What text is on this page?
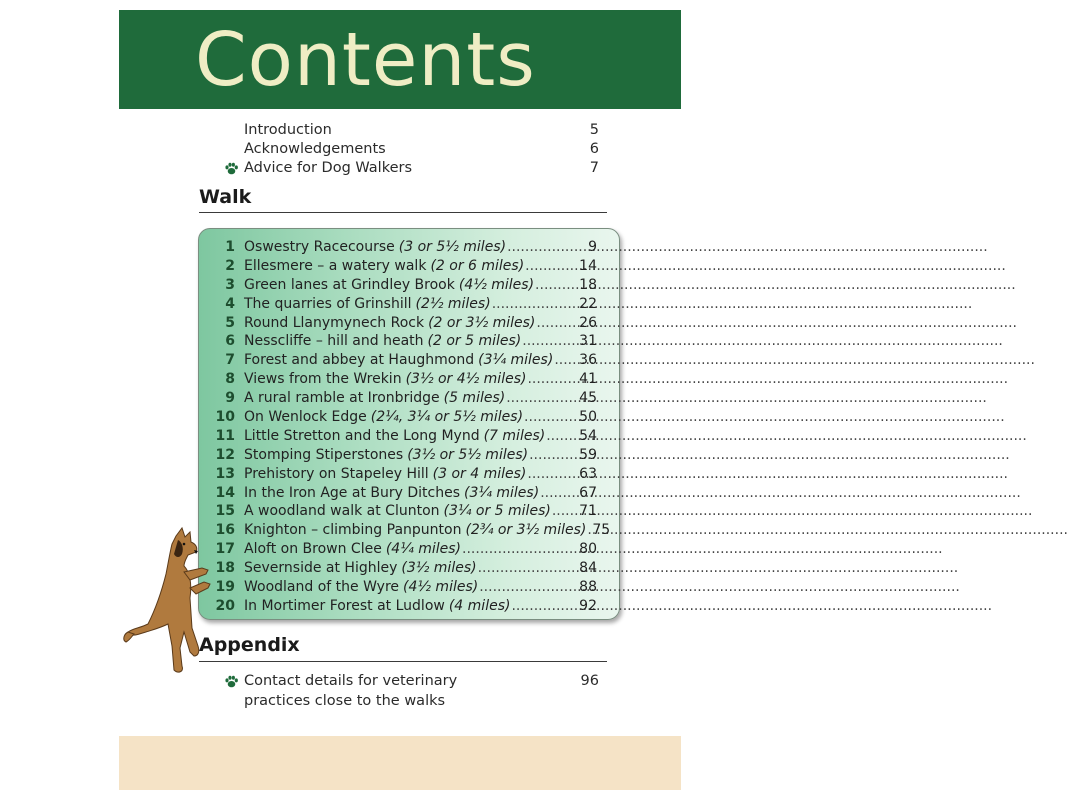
Contents
Introduction	5
Acknowledgements	6
Advice for Dog Walkers	7
Walk
1 Oswestry Racecourse (3 or 5½ miles) .....	9
2 Ellesmere – a watery walk (2 or 6 miles) .....	14
3 Green lanes at Grindley Brook (4½ miles) .....	18
4 The quarries of Grinshill (2½ miles) .....	22
5 Round Llanymynech Rock (2 or 3½ miles) .....	26
6 Nesscliffe – hill and heath (2 or 5 miles) .....	31
7 Forest and abbey at Haughmond (3¼ miles) ..... 36
8 Views from the Wrekin (3½ or 4½ miles) .....	41
9 A rural ramble at Ironbridge (5 miles) .....	45
10 On Wenlock Edge (2¼, 3¼ or 5½ miles) .....	50
11 Little Stretton and the Long Mynd (7 miles) ..... 54
12 Stomping Stiperstones (3½ or 5½ miles) .....	59
13 Prehistory on Stapeley Hill (3 or 4 miles) .....	63
14 In the Iron Age at Bury Ditches (3¼ miles) .....	67
15 A woodland walk at Clunton (3¼ or 5 miles) ..... 71
16 Knighton – climbing Panpunton (2¾ or 3½ miles) ..... 75
17 Aloft on Brown Clee (4¼ miles) .....	80
18 Severnside at Highley (3½ miles) .....	84
19 Woodland of the Wyre (4½ miles) .....	88
20 In Mortimer Forest at Ludlow (4 miles) .....	92
Appendix
Contact details for veterinary practices close to the walks
96
